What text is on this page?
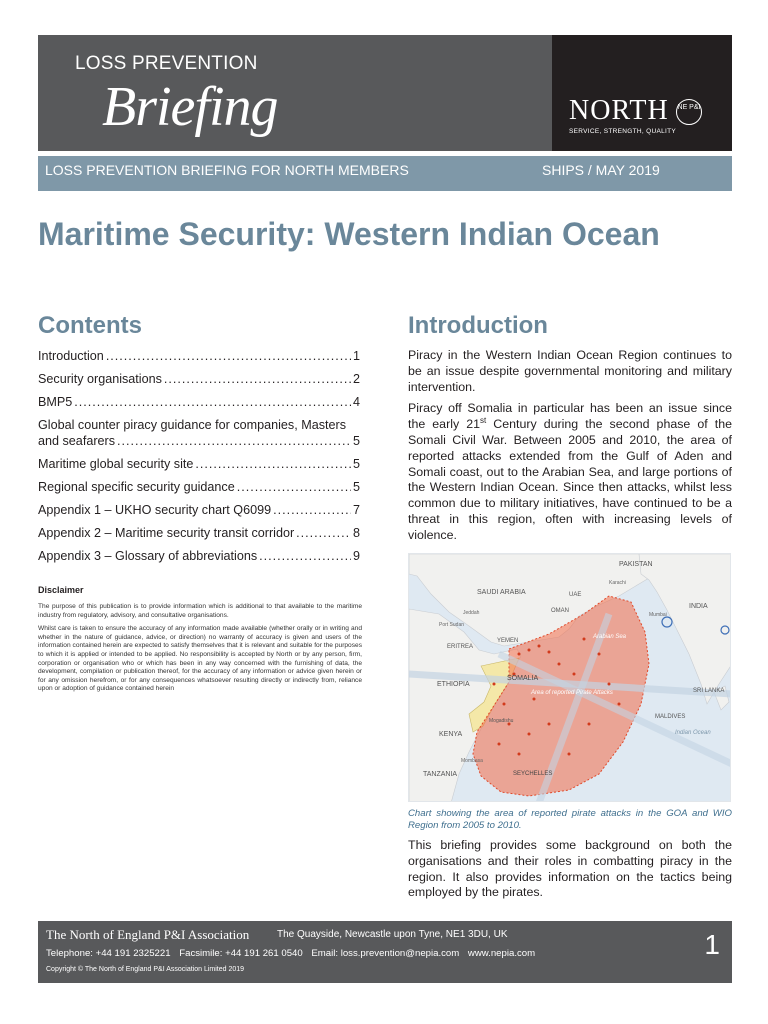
LOSS PREVENTION
Briefing	NORTH NE P&I
SERVICE, STRENGTH, QUALITY
LOSS PREVENTION BRIEFING FOR NORTH MEMBERS	SHIPS / MAY 2019
Maritime Security: Western Indian Ocean
Contents
Introduction .....	1
Security organisations .....	2
BMP5 .....	4
Global counter piracy guidance for companies, Masters
and seafarers .....	5
Maritime global security site .....	5
Regional specific security guidance .....	5
Appendix 1 – UKHO security chart Q6099 .....	7
Appendix 2 – Maritime security transit corridor .....	8
Appendix 3 – Glossary of abbreviations .....	9
Disclaimer

The purpose of this publication is to provide information which is additional to that available to the maritime industry from regulatory, advisory, and consultative organisations.

Whilst care is taken to ensure the accuracy of any information made available (whether orally or in writing and whether in the nature of guidance, advice, or direction) no warranty of accuracy is given and users of the information contained herein are expected to satisfy themselves that it is relevant and suitable for the purposes to which it is applied or intended to be applied. No responsibility is accepted by North or by any person, firm, corporation or organisation who or which has been in any way concerned with the furnishing of data, the development, compilation or publication thereof, for the accuracy of any information or advice given herein or for any omission herefrom, or for any consequences whatsoever resulting directly or indirectly from, reliance upon or adoption of guidance contained herein

Introduction

Piracy in the Western Indian Ocean Region continues to be an issue despite governmental monitoring and military intervention.

Piracy off Somalia in particular has been an issue since the early 21st Century during the second phase of the Somali Civil War. Between 2005 and 2010, the area of reported attacks extended from the Gulf of Aden and Somali coast, out to the Arabian Sea, and large portions of the Western Indian Ocean. Since then attacks, whilst less common due to military initiatives, have continued to be a threat in this region, often with increasing levels of violence.

PAKISTAN
SAUDI ARABIA	UAE
OMAN
INDIA
YEMEN
ERITREA
SOMALIA
ETHIOPIA
KENYA
TANZANIA	SEYCHELLES
MALDIVES
SRI LANKA
Arabian Sea
Area of reported Pirate Attacks
Indian Ocean
Mumbai
Mogadishu
Jeddah
Port Sudan
Mombasa
Karachi
Chart showing the area of reported pirate attacks in the GOA and WIO Region from 2005 to 2010.
This briefing provides some background on both the organisations and their roles in combatting piracy in the region. It also provides information on the tactics being employed by the pirates.
The North of England P&I Association	The Quayside, Newcastle upon Tyne, NE1 3DU, UK
Telephone: +44 191 2325221 Facsimile: +44 191 261 0540 Email: loss.prevention@nepia.com www.nepia.com
Copyright © The North of England P&I Association Limited 2019
1
